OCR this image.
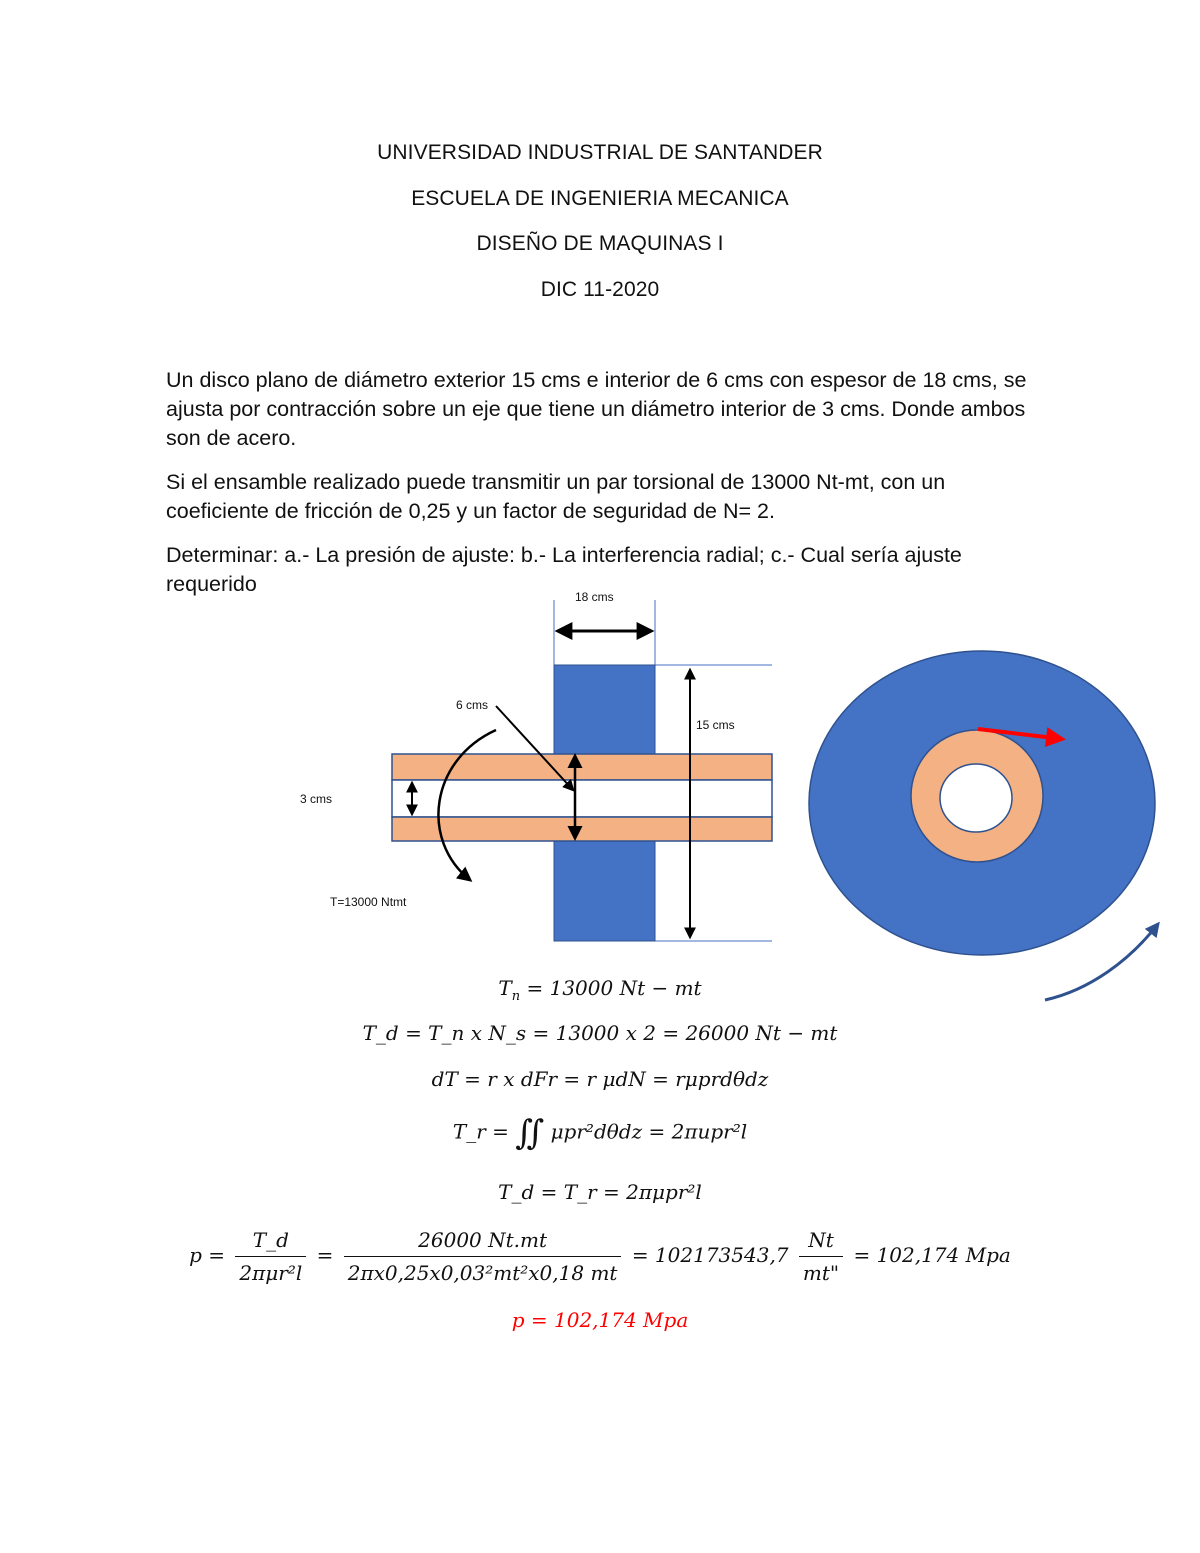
UNIVERSIDAD INDUSTRIAL DE SANTANDER
ESCUELA DE INGENIERIA MECANICA
DISEÑO DE MAQUINAS I
DIC 11-2020

Un disco plano de diámetro exterior 15 cms e interior de 6 cms con espesor de 18 cms, se ajusta por contracción sobre un eje que tiene un diámetro interior de 3 cms. Donde ambos son de acero.

Si el ensamble realizado puede transmitir un par torsional de 13000 Nt-mt, con un coeficiente de fricción de 0,25 y un factor de seguridad de N= 2.

Determinar: a.- La presión de ajuste: b.- La interferencia radial; c.- Cual sería ajuste requerido

18 cms
15 cms
6 cms
3 cms
T=13000 Ntmt
$T_n = 13000$ Nt − mt
T_d = T_n x N_s = 13000 x 2 = 26000 Nt − mt
dT = r x dFr = r μdN = rμprdθdz
T_r = ∬ μpr²dθdz = 2πupr²l
T_d = T_r = 2πμpr²l
$p = \frac{T\_d}{\text{2πμr²l}} = \frac{26000 Nt.mt}{\text{2πx0,25x0,03²mt²x0,18 mt}} = 102173543,7 \frac{Nt}{mt"} = 102,174$ Mpa
p = 102,174 Mpa
